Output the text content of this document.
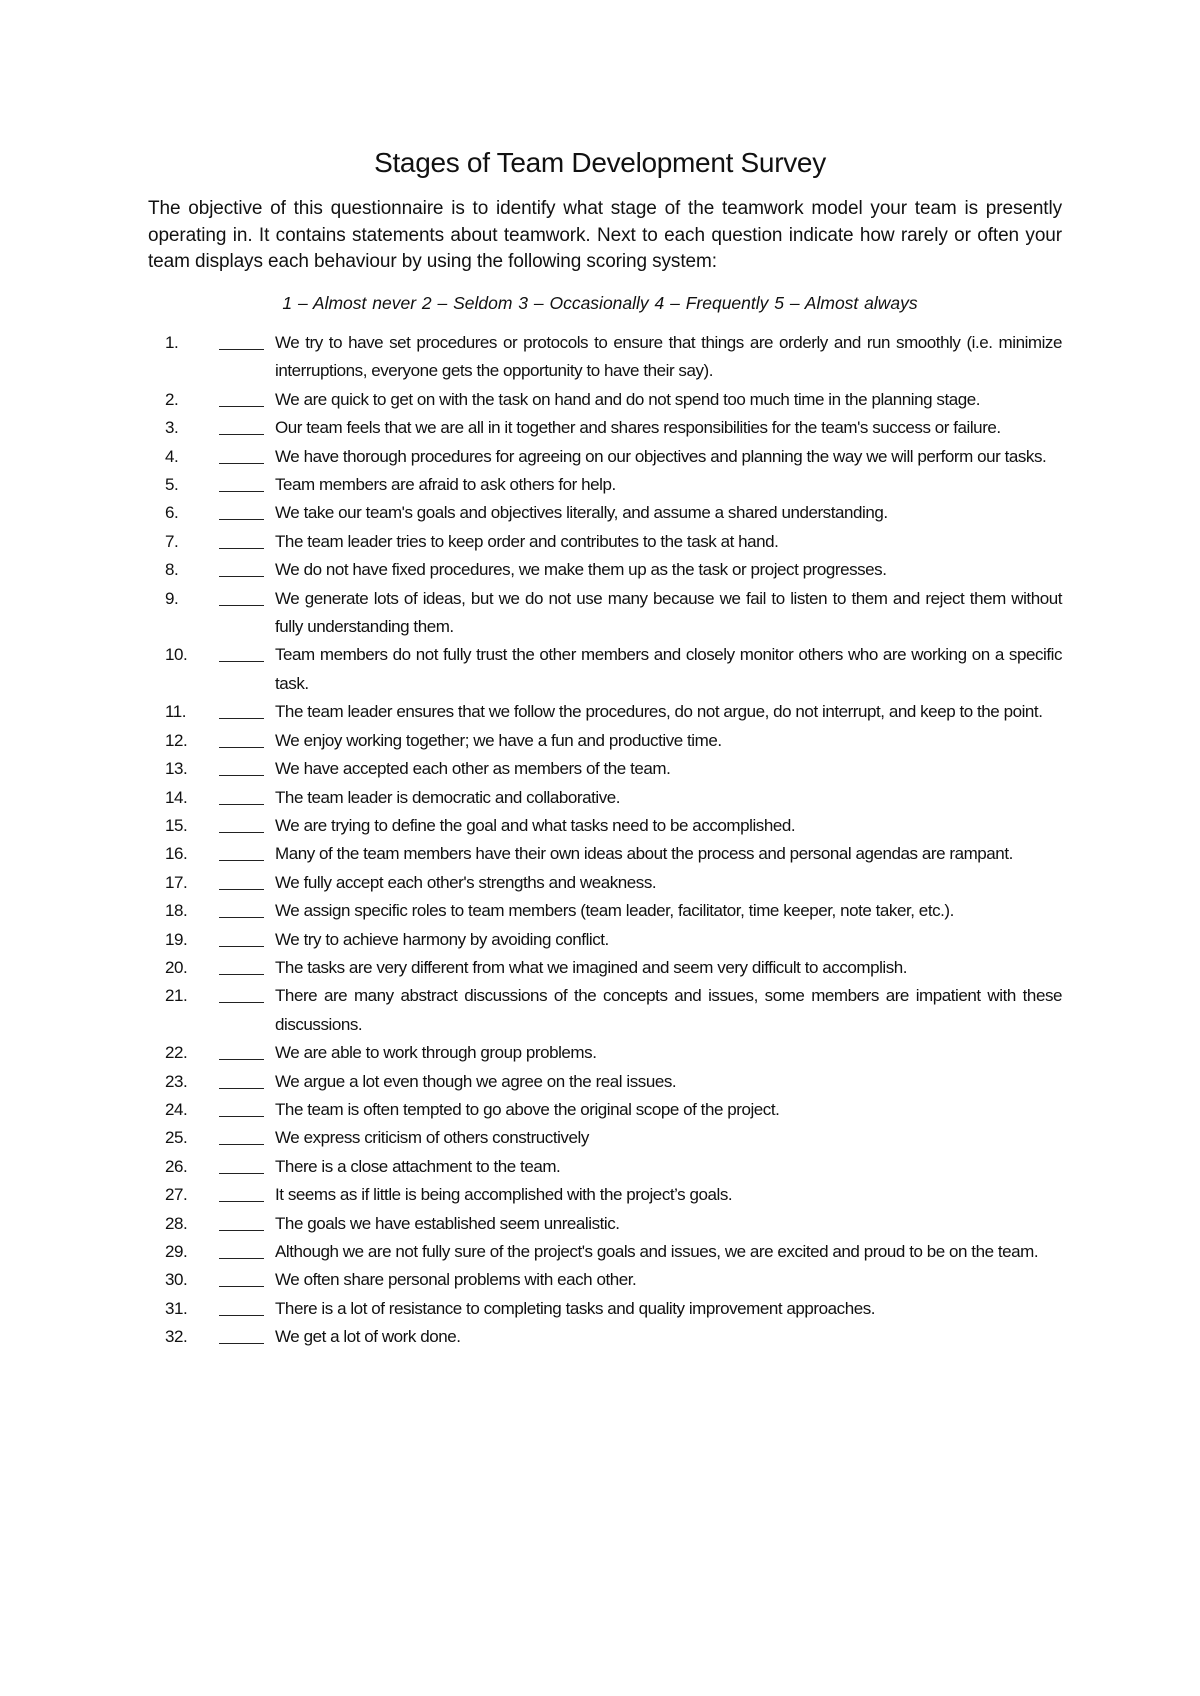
Stages of Team Development Survey
The objective of this questionnaire is to identify what stage of the teamwork model your team is presently operating in. It contains statements about teamwork. Next to each question indicate how rarely or often your team displays each behaviour by using the following scoring system:
1 – Almost never 2 – Seldom 3 – Occasionally 4 – Frequently 5 – Almost always
1.	We try to have set procedures or protocols to ensure that things are orderly and run smoothly (i.e. minimize interruptions, everyone gets the opportunity to have their say).
2.	We are quick to get on with the task on hand and do not spend too much time in the planning stage.
3.	Our team feels that we are all in it together and shares responsibilities for the team's success or failure.
4.	We have thorough procedures for agreeing on our objectives and planning the way we will perform our tasks.
5.	Team members are afraid to ask others for help.
6.	We take our team's goals and objectives literally, and assume a shared understanding.
7.	The team leader tries to keep order and contributes to the task at hand.
8.	We do not have fixed procedures, we make them up as the task or project progresses.
9.	We generate lots of ideas, but we do not use many because we fail to listen to them and reject them without fully understanding them.
10.	Team members do not fully trust the other members and closely monitor others who are working on a specific task.
11.	The team leader ensures that we follow the procedures, do not argue, do not interrupt, and keep to the point.
12.	We enjoy working together; we have a fun and productive time.
13.	We have accepted each other as members of the team.
14.	The team leader is democratic and collaborative.
15.	We are trying to define the goal and what tasks need to be accomplished.
16.	Many of the team members have their own ideas about the process and personal agendas are rampant.
17.	We fully accept each other's strengths and weakness.
18.	We assign specific roles to team members (team leader, facilitator, time keeper, note taker, etc.).
19.	We try to achieve harmony by avoiding conflict.
20.	The tasks are very different from what we imagined and seem very difficult to accomplish.
21.	There are many abstract discussions of the concepts and issues, some members are impatient with these discussions.
22.	We are able to work through group problems.
23.	We argue a lot even though we agree on the real issues.
24.	The team is often tempted to go above the original scope of the project.
25.	We express criticism of others constructively
26.	There is a close attachment to the team.
27.	It seems as if little is being accomplished with the project’s goals.
28.	The goals we have established seem unrealistic.
29.	Although we are not fully sure of the project's goals and issues, we are excited and proud to be on the team.
30.	We often share personal problems with each other.
31.	There is a lot of resistance to completing tasks and quality improvement approaches.
32.	We get a lot of work done.
